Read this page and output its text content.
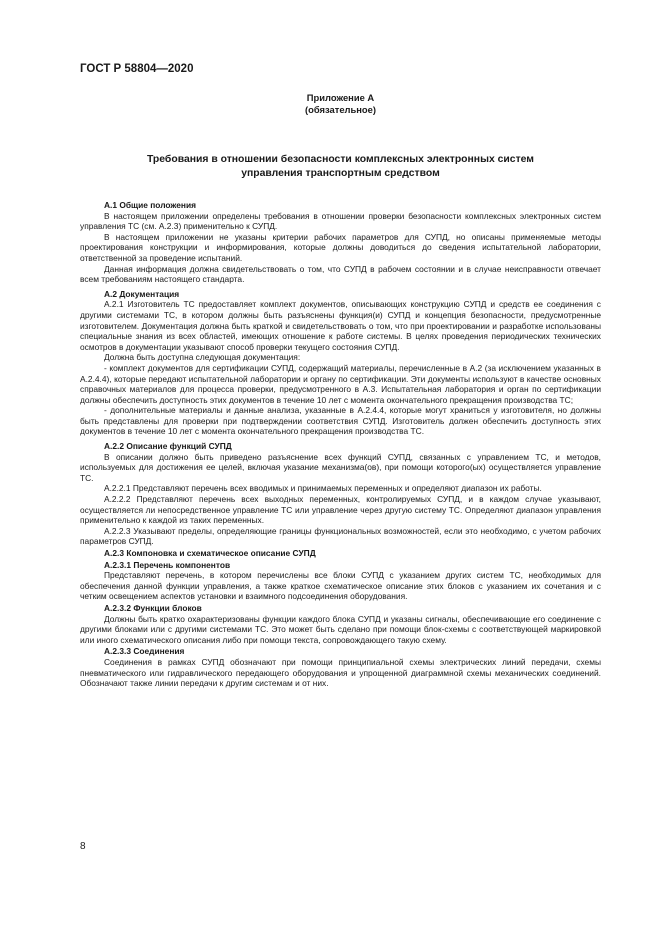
ГОСТ Р 58804—2020
Приложение А
(обязательное)
Требования в отношении безопасности комплексных электронных систем
управления транспортным средством

А.1 Общие положения

В настоящем приложении определены требования в отношении проверки безопасности комплексных электронных систем управления ТС (см. А.2.3) применительно к СУПД.

В настоящем приложении не указаны критерии рабочих параметров для СУПД, но описаны применяемые методы проектирования конструкции и информирования, которые должны доводиться до сведения испытательной лаборатории, ответственной за проведение испытаний.

Данная информация должна свидетельствовать о том, что СУПД в рабочем состоянии и в случае неисправности отвечает всем требованиям настоящего стандарта.

А.2 Документация

А.2.1 Изготовитель ТС предоставляет комплект документов, описывающих конструкцию СУПД и средств ее соединения с другими системами ТС, в котором должны быть разъяснены функция(и) СУПД и концепция безопасности, предусмотренные изготовителем. Документация должна быть краткой и свидетельствовать о том, что при проектировании и разработке использованы специальные знания из всех областей, имеющих отношение к работе системы. В целях проведения периодических технических осмотров в документации указывают способ проверки текущего состояния СУПД.

Должна быть доступна следующая документация:

- комплект документов для сертификации СУПД, содержащий материалы, перечисленные в А.2 (за исключением указанных в А.2.4.4), которые передают испытательной лаборатории и органу по сертификации. Эти документы используют в качестве основных справочных материалов для процесса проверки, предусмотренного в А.3. Испытательная лаборатория и орган по сертификации должны обеспечить доступность этих документов в течение 10 лет с момента окончательного прекращения производства ТС;

- дополнительные материалы и данные анализа, указанные в А.2.4.4, которые могут храниться у изготовителя, но должны быть представлены для проверки при подтверждении соответствия СУПД. Изготовитель должен обеспечить доступность этих документов в течение 10 лет с момента окончательного прекращения производства ТС.

А.2.2 Описание функций СУПД

В описании должно быть приведено разъяснение всех функций СУПД, связанных с управлением ТС, и методов, используемых для достижения ее целей, включая указание механизма(ов), при помощи которого(ых) осуществляется управление ТС.

А.2.2.1 Представляют перечень всех вводимых и принимаемых переменных и определяют диапазон их работы.

А.2.2.2 Представляют перечень всех выходных переменных, контролируемых СУПД, и в каждом случае указывают, осуществляется ли непосредственное управление ТС или управление через другую систему ТС. Определяют диапазон управления применительно к каждой из таких переменных.

А.2.2.3 Указывают пределы, определяющие границы функциональных возможностей, если это необходимо, с учетом рабочих параметров СУПД.

А.2.3 Компоновка и схематическое описание СУПД

А.2.3.1 Перечень компонентов

Представляют перечень, в котором перечислены все блоки СУПД с указанием других систем ТС, необходимых для обеспечения данной функции управления, а также краткое схематическое описание этих блоков с указанием их сочетания и с четким освещением аспектов установки и взаимного подсоединения оборудования.

А.2.3.2 Функции блоков

Должны быть кратко охарактеризованы функции каждого блока СУПД и указаны сигналы, обеспечивающие его соединение с другими блоками или с другими системами ТС. Это может быть сделано при помощи блок-схемы с соответствующей маркировкой или иного схематического описания либо при помощи текста, сопровождающего такую схему.

А.2.3.3 Соединения

Соединения в рамках СУПД обозначают при помощи принципиальной схемы электрических линий передачи, схемы пневматического или гидравлического передающего оборудования и упрощенной диаграммной схемы механических соединений. Обозначают также линии передачи к другим системам и от них.

8
